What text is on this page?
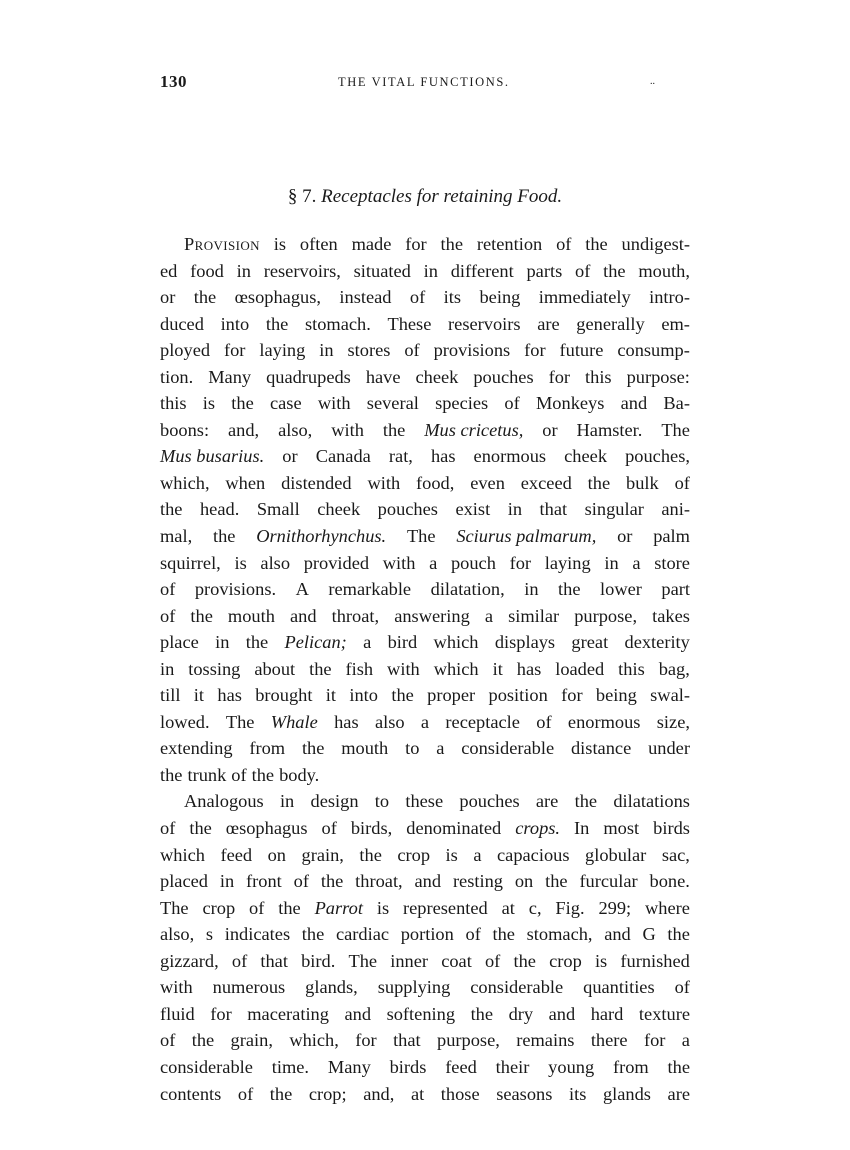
130	THE VITAL FUNCTIONS.	..
§ 7. Receptacles for retaining Food.
Provision is often made for the retention of the undigest-
ed food in reservoirs, situated in different parts of the mouth,
or the œsophagus, instead of its being immediately intro-
duced into the stomach. These reservoirs are generally em-
ployed for laying in stores of provisions for future consump-
tion. Many quadrupeds have cheek pouches for this purpose:
this is the case with several species of Monkeys and Ba-
boons: and, also, with the Mus cricetus, or Hamster. The
Mus busarius. or Canada rat, has enormous cheek pouches,
which, when distended with food, even exceed the bulk of
the head. Small cheek pouches exist in that singular ani-
mal, the Ornithorhynchus. The Sciurus palmarum, or palm
squirrel, is also provided with a pouch for laying in a store
of provisions. A remarkable dilatation, in the lower part
of the mouth and throat, answering a similar purpose, takes
place in the Pelican; a bird which displays great dexterity
in tossing about the fish with which it has loaded this bag,
till it has brought it into the proper position for being swal-
lowed. The Whale has also a receptacle of enormous size,
extending from the mouth to a considerable distance under
the trunk of the body.
Analogous in design to these pouches are the dilatations
of the œsophagus of birds, denominated crops. In most birds
which feed on grain, the crop is a capacious globular sac,
placed in front of the throat, and resting on the furcular bone.
The crop of the Parrot is represented at c, Fig. 299; where
also, s indicates the cardiac portion of the stomach, and G the
gizzard, of that bird. The inner coat of the crop is furnished
with numerous glands, supplying considerable quantities of
fluid for macerating and softening the dry and hard texture
of the grain, which, for that purpose, remains there for a
considerable time. Many birds feed their young from the
contents of the crop; and, at those seasons its glands are
